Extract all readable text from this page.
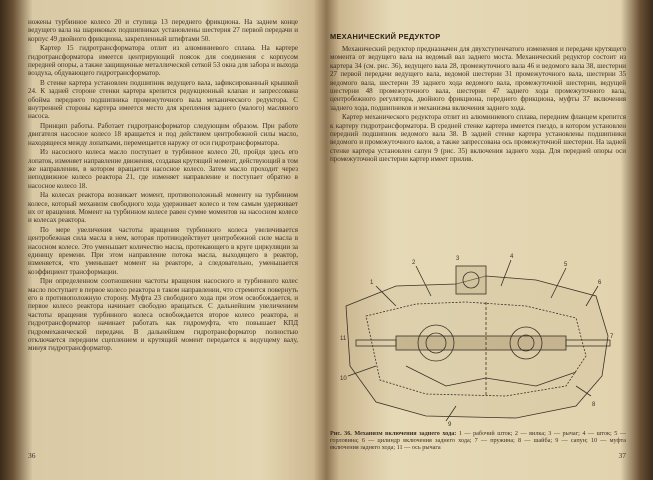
ножены турбинное колесо 20 и ступица 13 переднего фрикциона. На заднем конце ведущего вала на шариковых подшипниках установлены шестерня 27 первой передачи и корпус 49 двойного фрикциона, закрепленный штифтами 50.

Картер 15 гидротрансформатора отлит из алюминиевого сплава. На картере гидротрансформатора имеется центрирующий поясок для соединения с корпусом передней опоры, а также защищенные металлической сеткой 53 окна для забора и выхода воздуха, обдувающего гидротрансформатор.

В стенке картера установлен подшипник ведущего вала, зафиксированный крышкой 24. К задней стороне стенки картера крепится редукционный клапан и запрессована обойма переднего подшипника промежуточного вала механического редуктора. С внутренней стороны картера имеется место для крепления заднего (малого) масляного насоса.

Принцип работы. Работает гидротрансформатор следующим образом. При работе двигателя насосное колесо 18 вращается и под действием центробежной силы масло, находящееся между лопатками, перемещается наружу от оси гидротрансформатора.

Из насосного колеса масло поступает в турбинное колесо 20, пройдя здесь его лопаток, изменяет направление движения, создавая крутящий момент, действующий в том же направлении, в котором вращается насосное колесо. Затем масло проходит через неподвижное колесо реактора 21, где изменяет направление и поступает обратно в насосное колесо 18.

На колесах реактора возникает момент, противоположный моменту на турбинном колесе, который механизм свободного хода удерживает колесо и тем самым удерживает их от вращения. Момент на турбинном колесе равен сумме моментов на насосном колесе и колесах реактора.

По мере увеличения частоты вращения турбинного колеса увеличивается центробежная сила масла в нем, которая противодействует центробежной силе масла в насосном колесе. Это уменьшает количество масла, протекающего в круге циркуляции за единицу времени. При этом направление потока масла, выходящего в реактор, изменяется, что уменьшает момент на реакторе, а следовательно, уменьшается коэффициент трансформации.

При определенном соотношении частоты вращения насосного и турбинного колес масло поступает в первое колесо реактора в таком направлении, что стремится повернуть его в противоположную сторону. Муфта 23 свободного хода при этом освобождается, и первое колесо реактора начинает свободно вращаться. С дальнейшим увеличением частоты вращения турбинного колеса освобождается второе колесо реактора, и гидротрансформатор начинает работать как гидромуфта, что повышает КПД гидромеханической передачи. В дальнейшем гидротрансформатор полностью отключается передним сцеплением и крутящий момент передается к ведущему валу, минуя гидротрансформатор.

36
МЕХАНИЧЕСКИЙ РЕДУКТОР

Механический редуктор предназначен для двухступенчатого изменения и передачи крутящего момента от ведущего вала на ведомый вал заднего моста. Механический редуктор состоит из картера 34 (см. рис. 36), ведущего вала 28, промежуточного вала 46 и ведомого вала 38, шестерни 27 первой передачи ведущего вала, ведомой шестерни 31 промежуточного вала, шестерни 35 ведомого вала, шестерни 39 заднего хода ведомого вала, промежуточной шестерни, ведущей шестерни 48 промежуточного вала, шестерни 47 заднего хода промежуточного вала, центробежного регулятора, двойного фрикциона, переднего фрикциона, муфты 37 включения заднего хода, подшипников и механизма включения заднего хода.

Картер механического редуктора отлит из алюминиевого сплава, передним фланцем крепится к картеру гидротрансформатора. В средней стенке картера имеется гнездо, в котором установлен передний подшипник ведомого вала 38. В задней стенке картера установлены подшипники ведомого и промежуточного валов, а также запрессована ось промежуточной шестерни. На задней стенке картера установлен сапун 9 (рис. 35) включения заднего хода. Для передней опоры оси промежуточной шестерни картер имеет прилив.

1
2
3	4
5
6
7
8
9
10
11
Рис. 36. Механизм включения заднего хода: 1 — рабочий шток; 2 — вилка; 3 — рычаг; 4 — шток; 5 — горловина; 6 — цилиндр включения заднего хода; 7 — пружина; 8 — шайба; 9 — сапун; 10 — муфта включения заднего хода; 11 — ось рычага
37
